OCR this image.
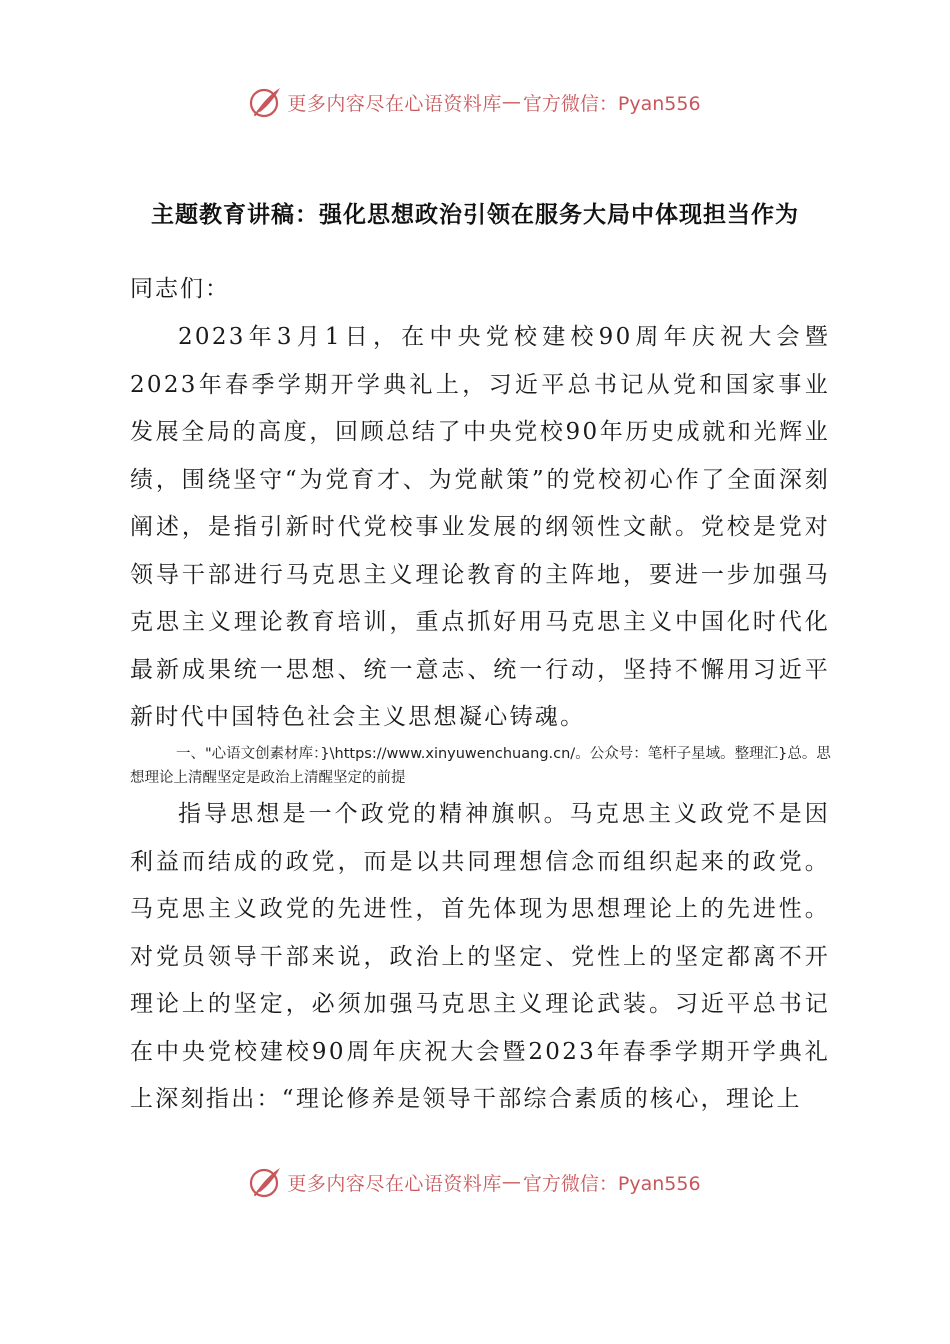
更多内容尽在心语资料库 — 官方微信：Pyan556
主题教育讲稿：强化思想政治引领在服务大局中体现担当作为
同志们：

2023年3月1日，在中央党校建校90周年庆祝大会暨2023年春季学期开学典礼上，习近平总书记从党和国家事业发展全局的高度，回顾总结了中央党校90年历史成就和光辉业绩，围绕坚守“为党育才、为党献策”的党校初心作了全面深刻阐述，是指引新时代党校事业发展的纲领性文献。党校是党对领导干部进行马克思主义理论教育的主阵地，要进一步加强马克思主义理论教育培训，重点抓好用马克思主义中国化时代化最新成果统一思想、统一意志、统一行动，坚持不懈用习近平新时代中国特色社会主义思想凝心铸魂。

一、"心语文创素材库：}\https://www.xinyuwenchuang.cn/。公众号：笔杆子星域。整理汇}总。思想理论上清醒坚定是政治上清醒坚定的前提

指导思想是一个政党的精神旗帜。马克思主义政党不是因利益而结成的政党，而是以共同理想信念而组织起来的政党。马克思主义政党的先进性，首先体现为思想理论上的先进性。对党员领导干部来说，政治上的坚定、党性上的坚定都离不开理论上的坚定，必须加强马克思主义理论武装。习近平总书记在中央党校建校90周年庆祝大会暨2023年春季学期开学典礼上深刻指出：“理论修养是领导干部综合素质的核心，理论上

更多内容尽在心语资料库 — 官方微信：Pyan556
